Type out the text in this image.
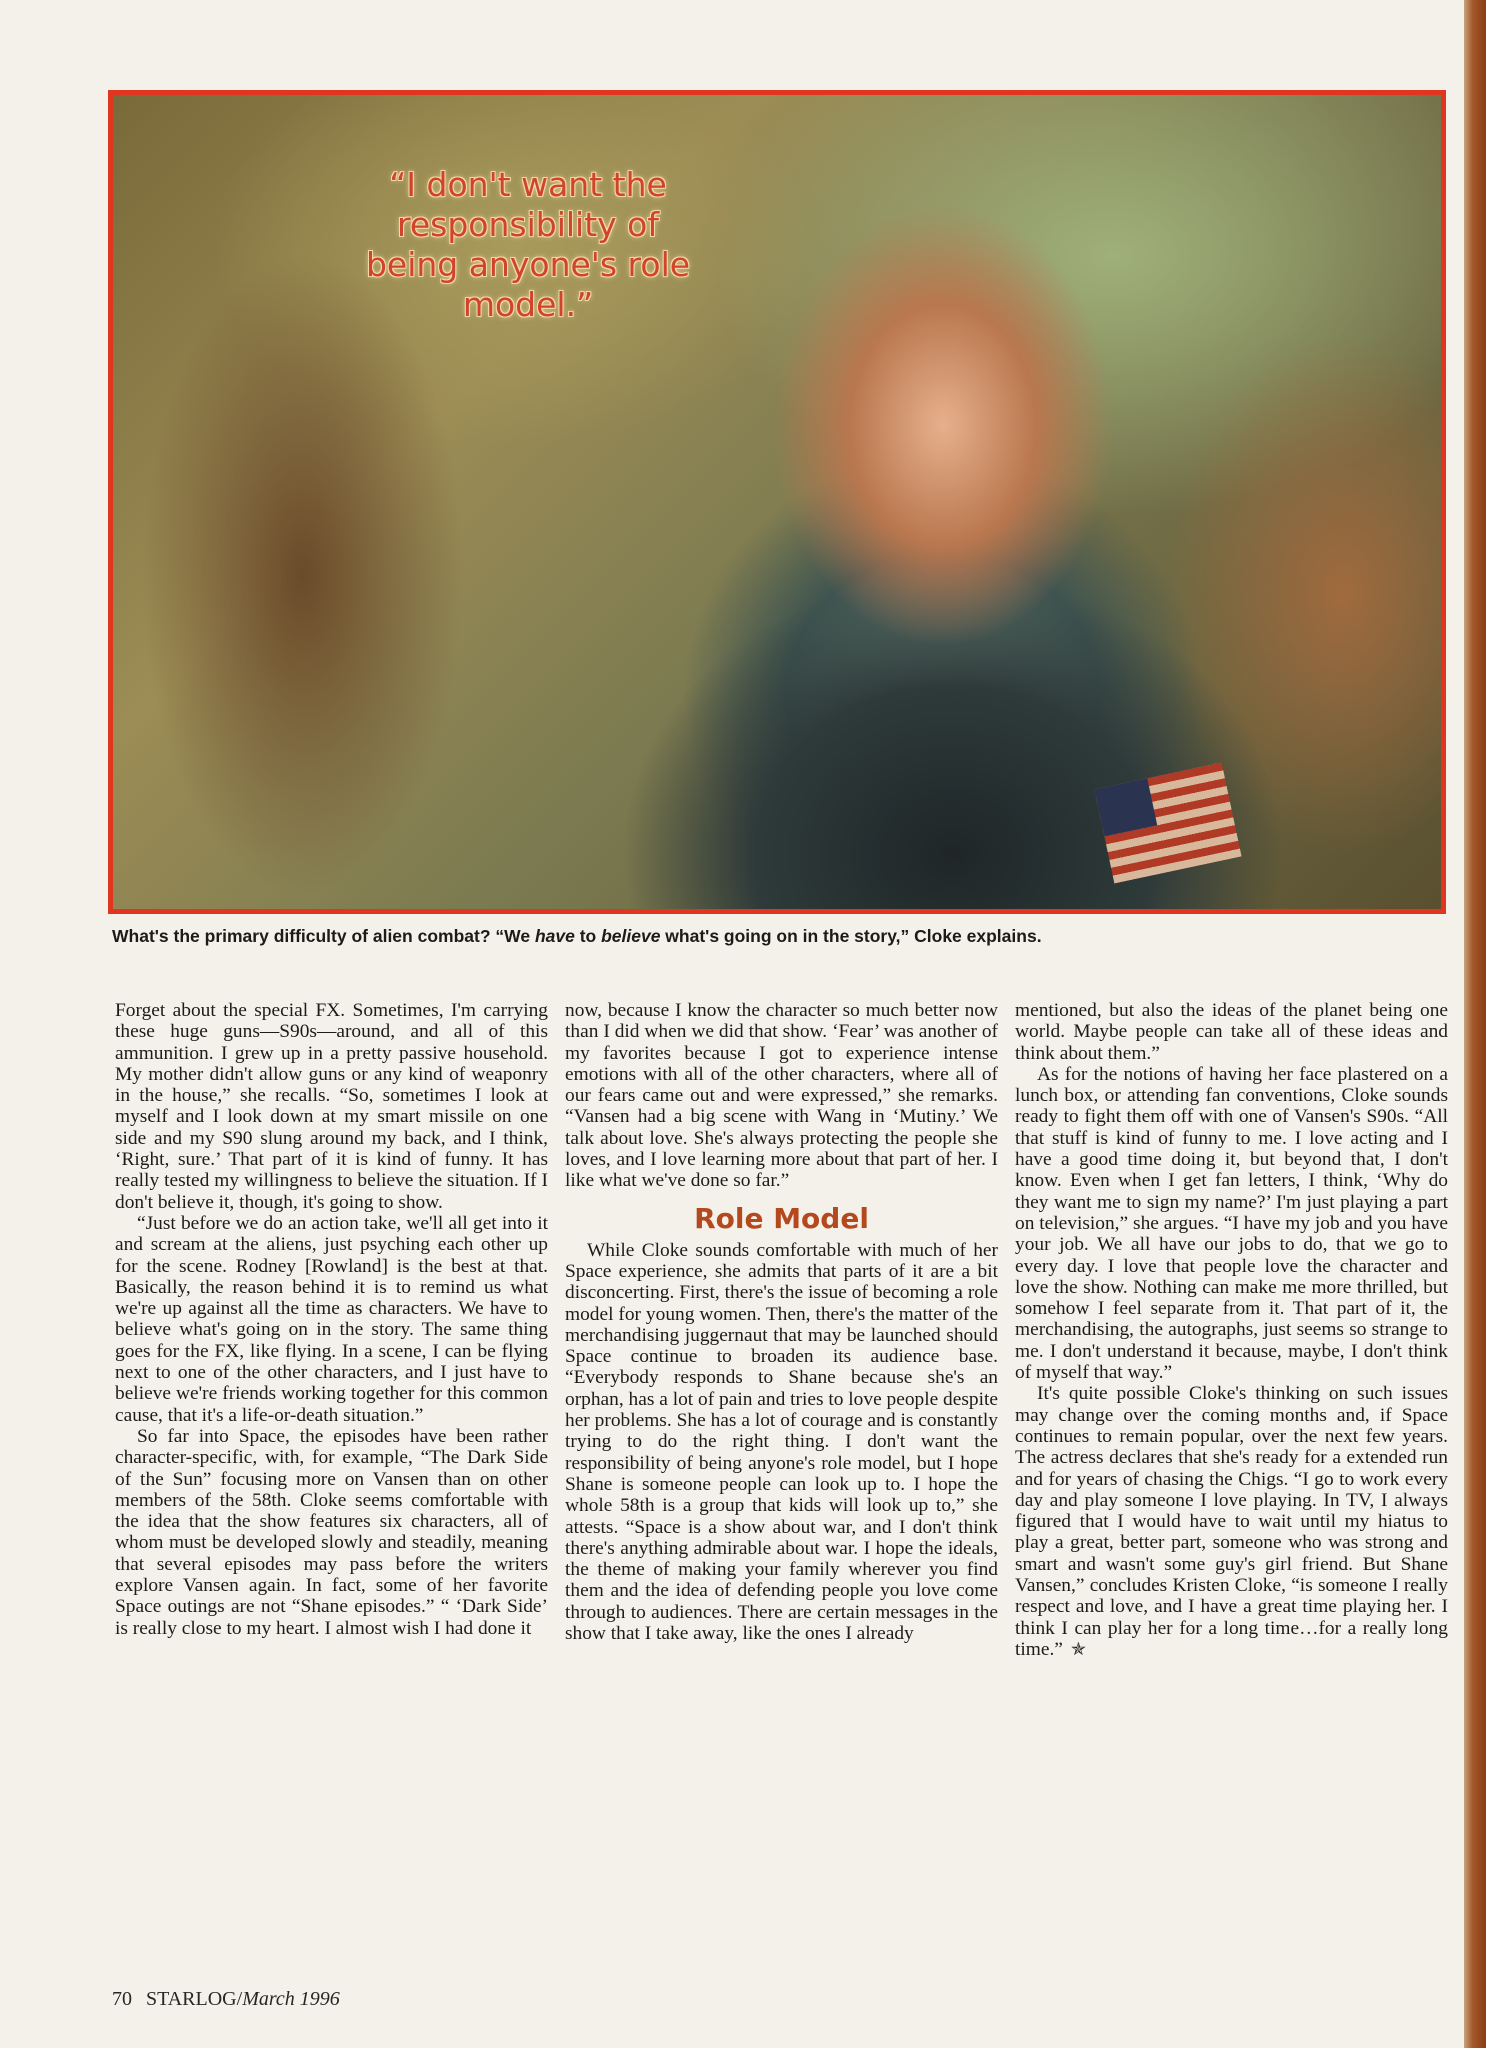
“I don't want the responsibility of being anyone's role model.”

What's the primary difficulty of alien combat? “We have to believe what's going on in the story,” Cloke explains.

Forget about the special FX. Sometimes, I'm carrying these huge guns—S90s—around, and all of this ammunition. I grew up in a pretty passive household. My mother didn't allow guns or any kind of weaponry in the house,” she recalls. “So, sometimes I look at myself and I look down at my smart missile on one side and my S90 slung around my back, and I think, ‘Right, sure.’ That part of it is kind of funny. It has really tested my willingness to believe the situation. If I don't believe it, though, it's going to show.

“Just before we do an action take, we'll all get into it and scream at the aliens, just psyching each other up for the scene. Rodney [Rowland] is the best at that. Basically, the reason behind it is to remind us what we're up against all the time as characters. We have to believe what's going on in the story. The same thing goes for the FX, like flying. In a scene, I can be flying next to one of the other characters, and I just have to believe we're friends working together for this common cause, that it's a life-or-death situation.”

So far into Space, the episodes have been rather character-specific, with, for example, “The Dark Side of the Sun” focusing more on Vansen than on other members of the 58th. Cloke seems comfortable with the idea that the show features six characters, all of whom must be developed slowly and steadily, meaning that several episodes may pass before the writers explore Vansen again. In fact, some of her favorite Space outings are not “Shane episodes.” “ ‘Dark Side’ is really close to my heart. I almost wish I had done it

now, because I know the character so much better now than I did when we did that show. ‘Fear’ was another of my favorites because I got to experience intense emotions with all of the other characters, where all of our fears came out and were expressed,” she remarks. “Vansen had a big scene with Wang in ‘Mutiny.’ We talk about love. She's always protecting the people she loves, and I love learning more about that part of her. I like what we've done so far.”

Role Model

While Cloke sounds comfortable with much of her Space experience, she admits that parts of it are a bit disconcerting. First, there's the issue of becoming a role model for young women. Then, there's the matter of the merchandising juggernaut that may be launched should Space continue to broaden its audience base. “Everybody responds to Shane because she's an orphan, has a lot of pain and tries to love people despite her problems. She has a lot of courage and is constantly trying to do the right thing. I don't want the responsibility of being anyone's role model, but I hope Shane is someone people can look up to. I hope the whole 58th is a group that kids will look up to,” she attests. “Space is a show about war, and I don't think there's anything admirable about war. I hope the ideals, the theme of making your family wherever you find them and the idea of defending people you love come through to audiences. There are certain messages in the show that I take away, like the ones I already

mentioned, but also the ideas of the planet being one world. Maybe people can take all of these ideas and think about them.”

As for the notions of having her face plastered on a lunch box, or attending fan conventions, Cloke sounds ready to fight them off with one of Vansen's S90s. “All that stuff is kind of funny to me. I love acting and I have a good time doing it, but beyond that, I don't know. Even when I get fan letters, I think, ‘Why do they want me to sign my name?’ I'm just playing a part on television,” she argues. “I have my job and you have your job. We all have our jobs to do, that we go to every day. I love that people love the character and love the show. Nothing can make me more thrilled, but somehow I feel separate from it. That part of it, the merchandising, the autographs, just seems so strange to me. I don't understand it because, maybe, I don't think of myself that way.”

It's quite possible Cloke's thinking on such issues may change over the coming months and, if Space continues to remain popular, over the next few years. The actress declares that she's ready for a extended run and for years of chasing the Chigs. “I go to work every day and play someone I love playing. In TV, I always figured that I would have to wait until my hiatus to play a great, better part, someone who was strong and smart and wasn't some guy's girl friend. But Shane Vansen,” concludes Kristen Cloke, “is someone I really respect and love, and I have a great time playing her. I think I can play her for a long time…for a really long time.” ✯

70 STARLOG/March 1996
